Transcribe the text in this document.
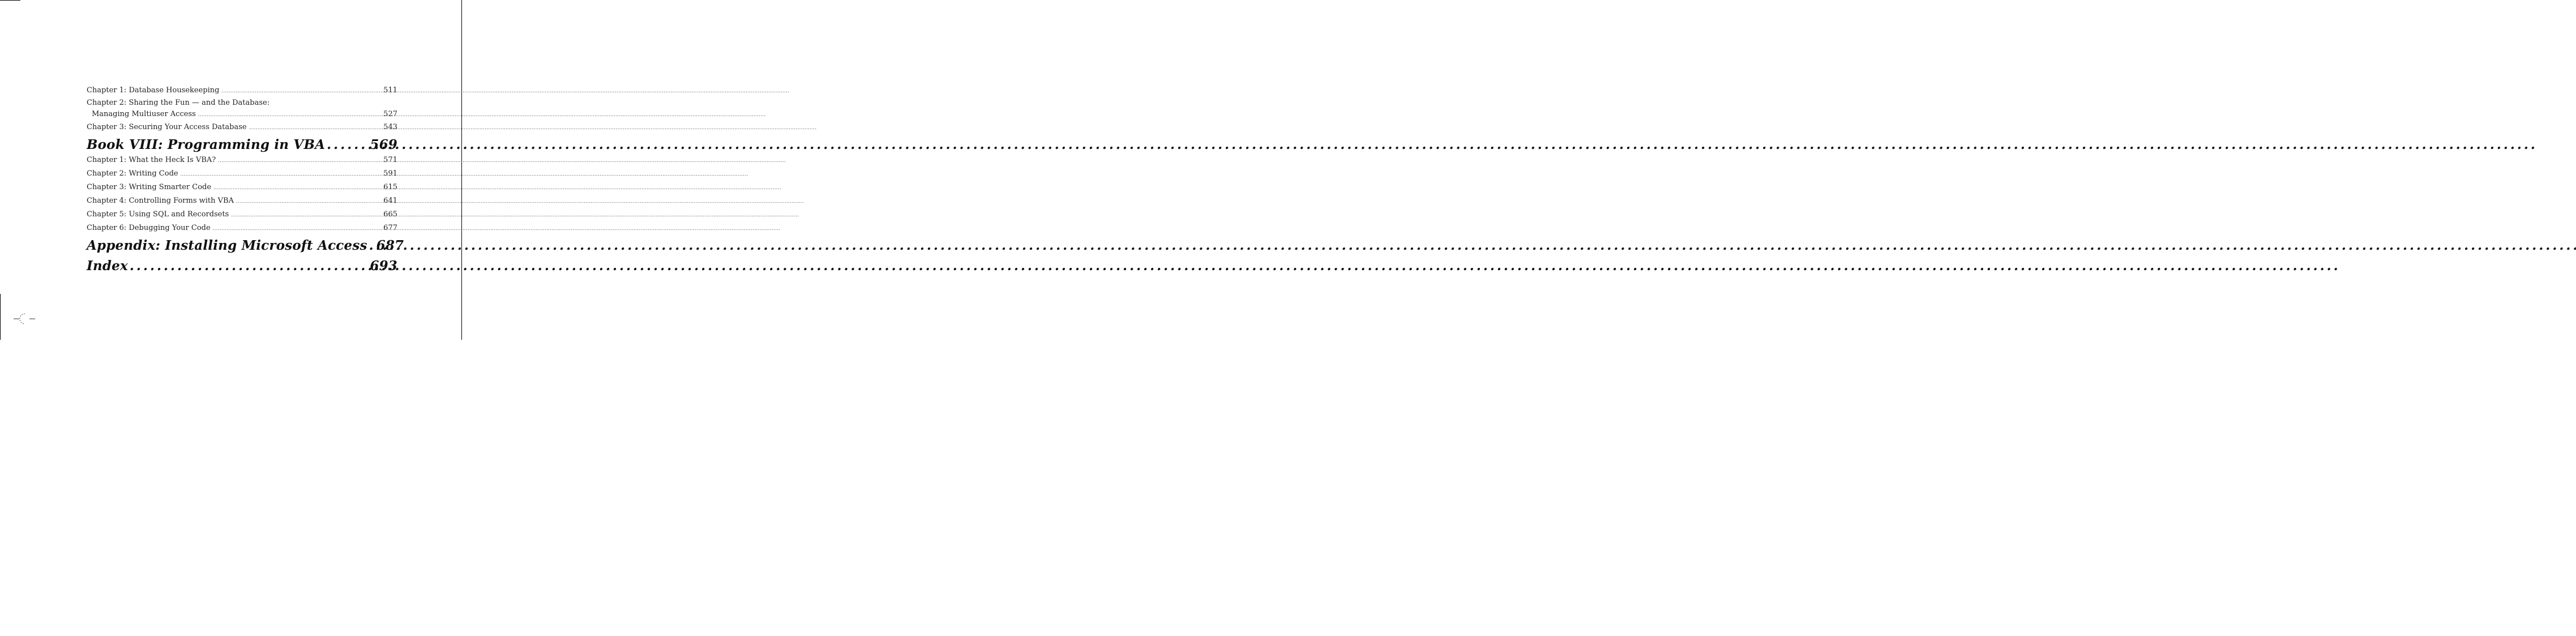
Chapter 1: Database Housekeeping . . .	511
Chapter 2: Sharing the Fun — and the Database:
Managing Multiuser Access . . .	527
Chapter 3: Securing Your Access Database . . .	543
Book VIII: Programming in VBA . . .	569
Chapter 1: What the Heck Is VBA? . . .	571
Chapter 2: Writing Code . . .	591
Chapter 3: Writing Smarter Code . . .	615
Chapter 4: Controlling Forms with VBA . . .	641
Chapter 5: Using SQL and Recordsets . . .	665
Chapter 6: Debugging Your Code . . .	677
Appendix: Installing Microsoft Access . . . 687
Index . . .	693
